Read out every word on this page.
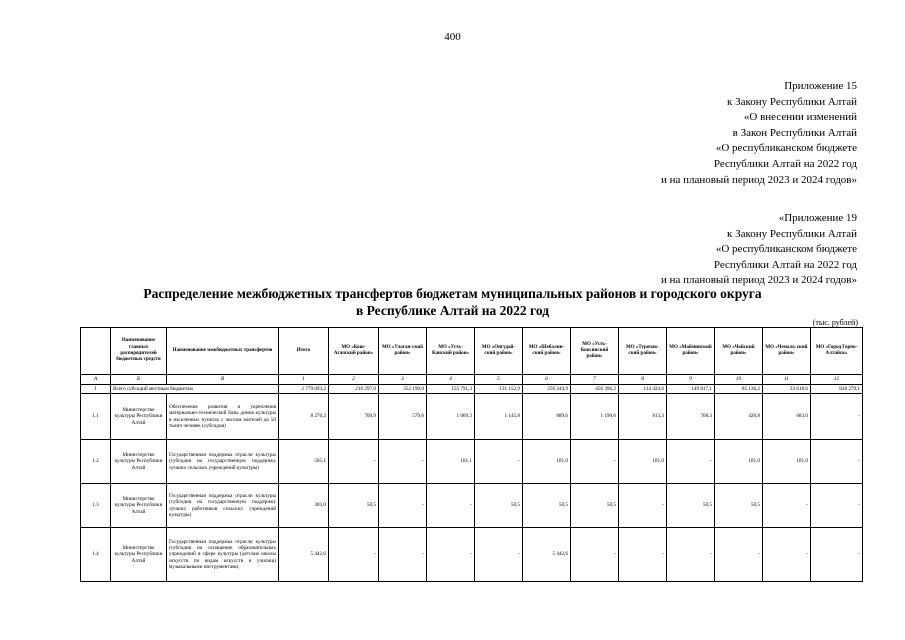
400
Приложение 15
к Закону Республики Алтай
«О внесении изменений
в Закон Республики Алтай
«О республиканском бюджете
Республики Алтай на 2022 год
и на плановый период 2023 и 2024 годов»
«Приложение 19
к Закону Республики Алтай
«О республиканском бюджете
Республики Алтай на 2022 год
и на плановый период 2023 и 2024 годов»
Распределение межбюджетных трансфертов бюджетам муниципальных районов и городского округа
в Республике Алтай на 2022 год
(тыс. рублей)
	Наименование главных распорядителей бюджетных средств	Наименование межбюджетных трансфертов	Итого	МО «Кош-Агачский район»	МО «Улаган-ский район»	МО «Усть-Канский район»	МО «Онгудай-ский район»	МО «Шебалин-ский район»	МО «Усть-Коксинский район»	МО «Турочак-ский район»	МО «Майминский район»	МО «Чойский район»	МО «Чемаль-ский район»	МО «Город Горно-Алтайск»
А	Б	В	1	2	3	4	5	6	7	8	9	10	11	12
I	Всего субсидий местным бюджетам		2 779 093,2	216 297,0	352 190,0	155 791,3	131 152,9	256 244,9	456 396,2	114 424,6	149 817,1	85 136,2	33 618,6	828 279,1
1.1	Министерство культуры Республики Алтай	Обеспечение развития и укрепления материально-технической базы домов культуры в населенных пунктах с числом жителей до 50 тысяч человек (субсидия)	8 276,2	709,9	579,6	1 069,3	1 145,8	889,6	1 190,6	813,3	768,3	426,8	683,0	-
1.2	Министерство культуры Республики Алтай	Государственная поддержка отрасли культуры (субсидия на государственную поддержку лучших сельских учреждений культуры)	505,1	-	-	101,1	-	101,0	-	101,0	-	101,0	101,0	-
1.3	Министерство культуры Республики Алтай	Государственная поддержка отрасли культуры (субсидия на государственную поддержку лучших работников сельских учреждений культуры)	303,0	50,5	-	-	50,5	50,5	50,5	-	50,5	50,5	-	-
1.4	Министерство культуры Республики Алтай	Государственная поддержка отрасли культуры (субсидия на оснащение образовательных учреждений в сфере культуры (детские школы искусств по видам искусств и училищ) музыкальными инструментами,	5 442,6	-	-	-	-	5 442,6	-	-	-	-	-	-
